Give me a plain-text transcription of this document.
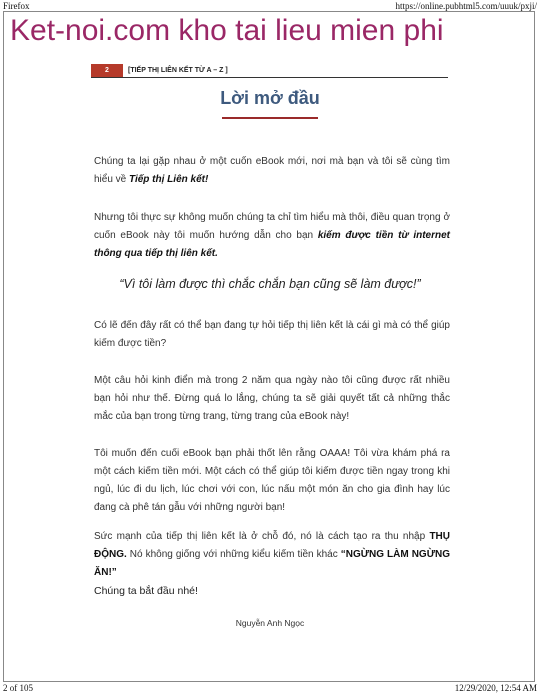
Firefox	https://online.pubhtml5.com/uuuk/pxji/
Ket-noi.com kho tai lieu mien phi
2	[TIẾP THỊ LIÊN KẾT TỪ A – Z ]
Lời mở đầu

Chúng ta lại gặp nhau ở một cuốn eBook mới, nơi mà bạn và tôi sẽ cùng tìm hiểu về Tiếp thị Liên kết!

Nhưng tôi thực sự không muốn chúng ta chỉ tìm hiểu mà thôi, điều quan trọng ở cuốn eBook này tôi muốn hướng dẫn cho bạn kiếm được tiền từ internet thông qua tiếp thị liên kết.

“Vì tôi làm được thì chắc chắn bạn cũng sẽ làm được!”

Có lẽ đến đây rất có thể bạn đang tự hỏi tiếp thị liên kết là cái gì mà có thể giúp kiếm được tiền?

Một câu hỏi kinh điển mà trong 2 năm qua ngày nào tôi cũng được rất nhiều bạn hỏi như thế. Đừng quá lo lắng, chúng ta sẽ giải quyết tất cả những thắc mắc của bạn trong từng trang, từng trang của eBook này!

Tôi muốn đến cuối eBook bạn phải thốt lên rằng OAAA! Tôi vừa khám phá ra một cách kiếm tiền mới. Một cách có thể giúp tôi kiếm được tiền ngay trong khi ngủ, lúc đi du lịch, lúc chơi với con, lúc nấu một món ăn cho gia đình hay lúc đang cà phê tán gẫu với những người bạn!

Sức mạnh của tiếp thị liên kết là ở chỗ đó, nó là cách tạo ra thu nhập THỤ ĐỘNG. Nó không giống với những kiểu kiếm tiền khác “NGỪNG LÀM NGỪNG ĂN!”

Chúng ta bắt đầu nhé!

Nguyễn Anh Ngọc
2 of 105	12/29/2020, 12:54 AM
